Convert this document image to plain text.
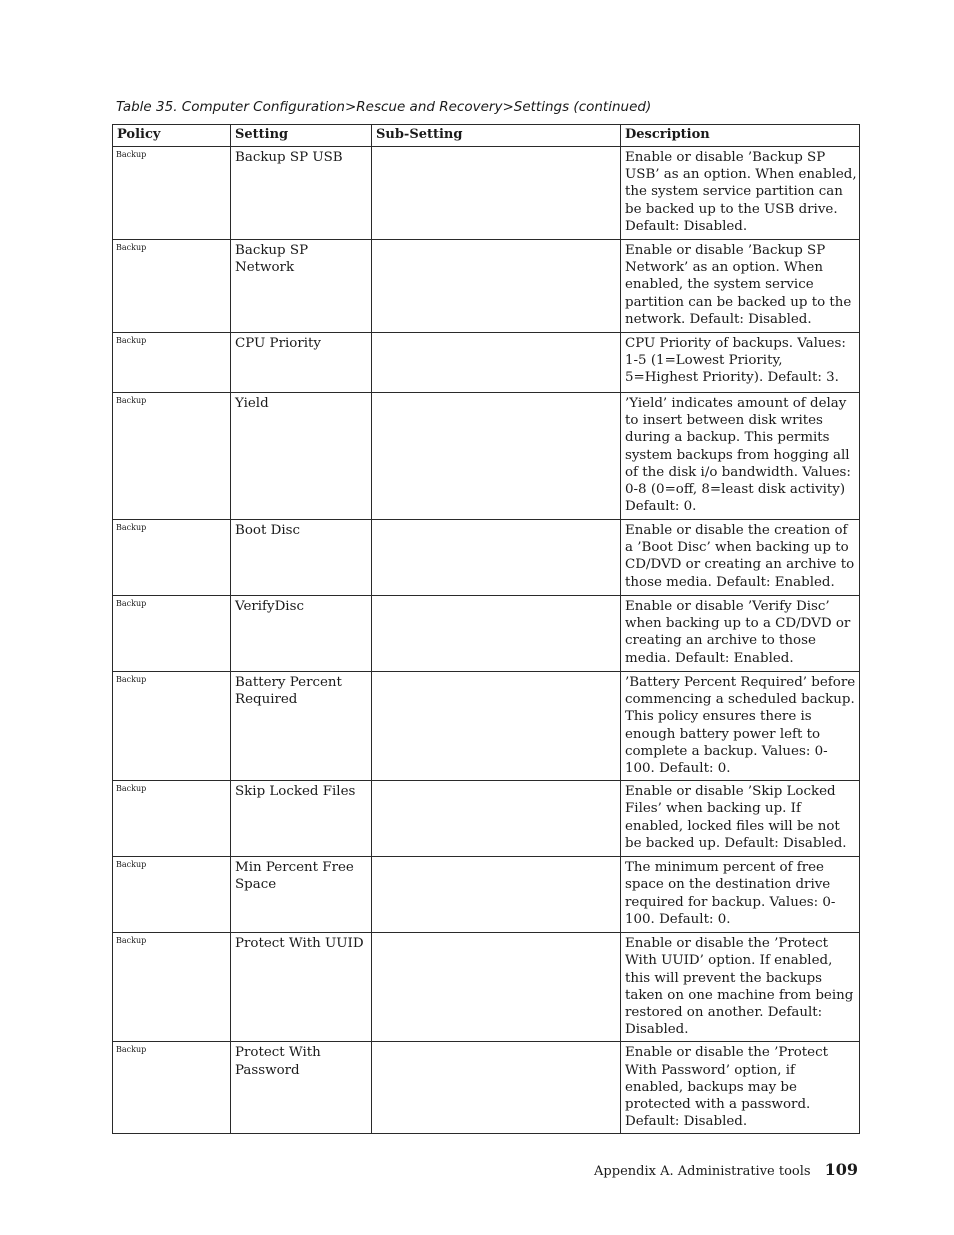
Table 35. Computer Configuration>Rescue and Recovery>Settings (continued)
Policy	Setting	Sub-Setting	Description
Backup	Backup SP USB		Enable or disable ’Backup SP USB’ as an option. When enabled, the system service partition can be backed up to the USB drive. Default: Disabled.
Backup	Backup SP Network		Enable or disable ’Backup SP Network’ as an option. When enabled, the system service partition can be backed up to the network. Default: Disabled.
Backup	CPU Priority		CPU Priority of backups. Values: 1-5 (1=Lowest Priority, 5=Highest Priority). Default: 3.
Backup	Yield		’Yield’ indicates amount of delay to insert between disk writes during a backup. This permits system backups from hogging all of the disk i/o bandwidth. Values: 0-8 (0=off, 8=least disk activity) Default: 0.
Backup	Boot Disc		Enable or disable the creation of a ’Boot Disc’ when backing up to CD/DVD or creating an archive to those media. Default: Enabled.
Backup	VerifyDisc		Enable or disable ’Verify Disc’ when backing up to a CD/DVD or creating an archive to those media. Default: Enabled.
Backup	Battery Percent Required		’Battery Percent Required’ before commencing a scheduled backup. This policy ensures there is enough battery power left to complete a backup. Values: 0-100. Default: 0.
Backup	Skip Locked Files		Enable or disable ’Skip Locked Files’ when backing up. If enabled, locked files will be not be backed up. Default: Disabled.
Backup	Min Percent Free Space		The minimum percent of free space on the destination drive required for backup. Values: 0-100. Default: 0.
Backup	Protect With UUID		Enable or disable the ’Protect With UUID’ option. If enabled, this will prevent the backups taken on one machine from being restored on another. Default: Disabled.
Backup	Protect With Password		Enable or disable the ’Protect With Password’ option, if enabled, backups may be protected with a password. Default: Disabled.
Appendix A. Administrative tools 109
